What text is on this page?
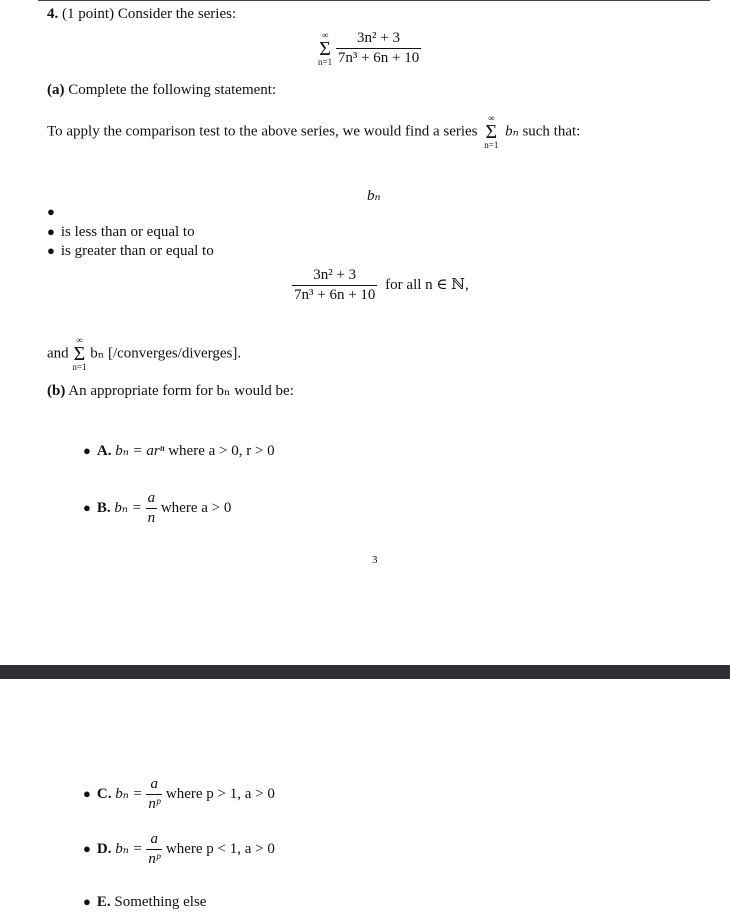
4. (1 point) Consider the series:
∞
Σ
n=1
$\frac{\text{3n² + 3}}{\text{7n³ + 6n + 10}}$
(a) Complete the following statement:
To apply the comparison test to the above series, we would find a series
∞
Σ
n=1
bₙ such that:
bₙ
●
● is less than or equal to
● is greater than or equal to
$\frac{\text{3n² + 3}}{\text{7n³ + 6n + 10}}$ for all n ∈ ℕ,
and
∞
Σ
n=1
bₙ [/converges/diverges].
(b) An appropriate form for bₙ would be:
● A. bₙ = arⁿ where a > 0, r > 0
● B. $b_n = \frac{a}{n}$ where a > 0
3
● C. $b_n = \frac{a}{\text{nᵖ}}$ where p > 1, a > 0
● D. $b_n = \frac{a}{\text{nᵖ}}$ where p < 1, a > 0
● E. Something else
